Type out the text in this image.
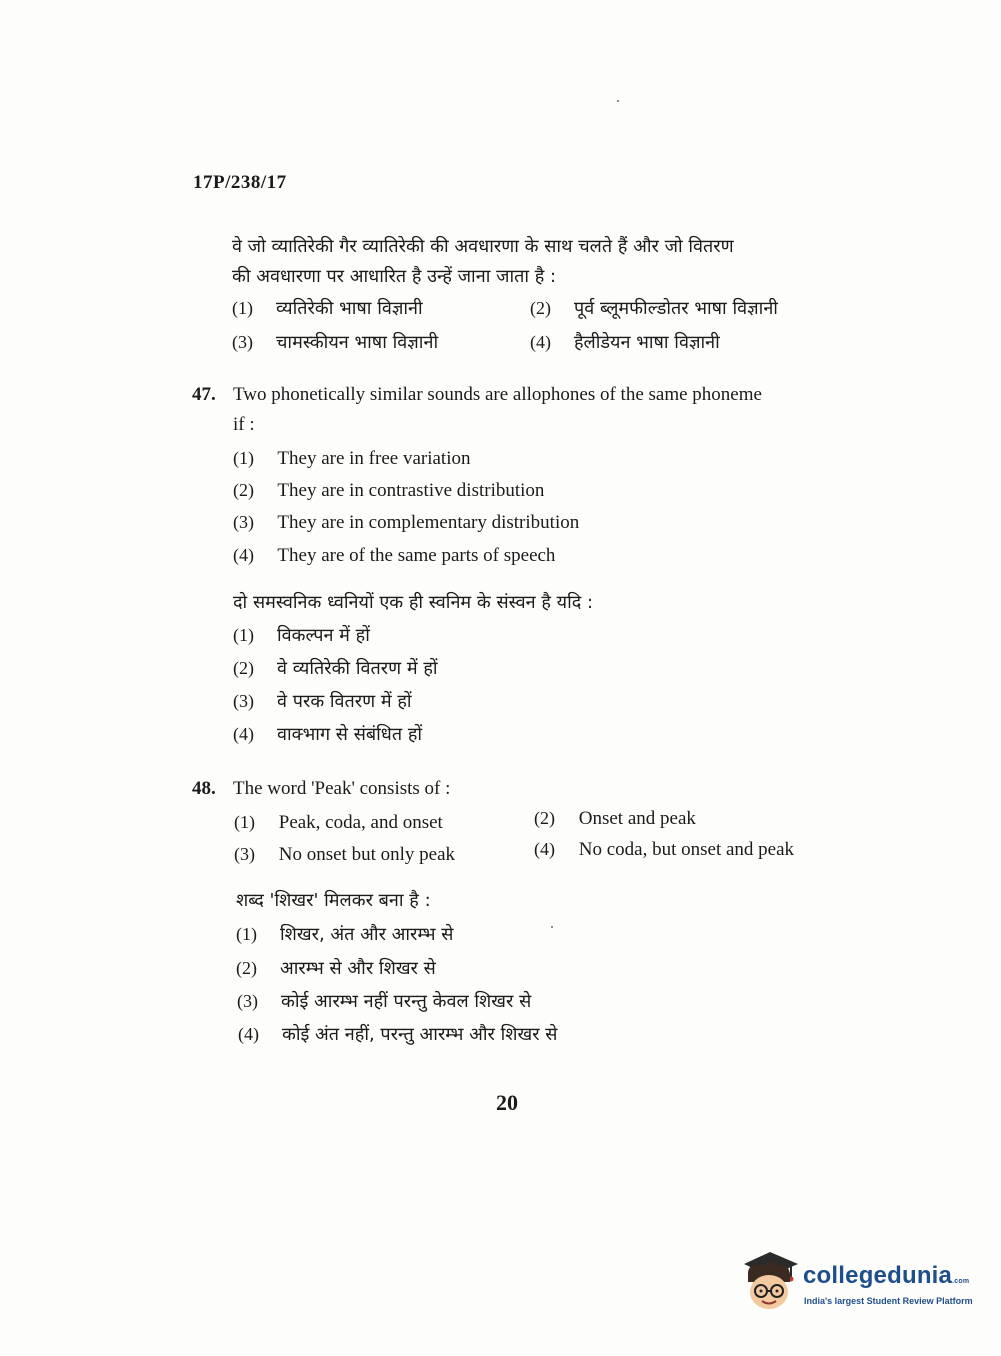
17P/238/17
वे जो व्यातिरेकी गैर व्यातिरेकी की अवधारणा के साथ चलते हैं और जो वितरण
की अवधारणा पर आधारित है उन्हें जाना जाता है :
(1) व्यतिरेकी भाषा विज्ञानी	(2) पूर्व ब्लूमफील्डोतर भाषा विज्ञानी
(3) चामस्कीयन भाषा विज्ञानी	(4) हैलीडेयन भाषा विज्ञानी
47. Two phonetically similar sounds are allophones of the same phoneme
if :
(1) They are in free variation
(2) They are in contrastive distribution
(3) They are in complementary distribution
(4) They are of the same parts of speech
दो समस्वनिक ध्वनियों एक ही स्वनिम के संस्वन है यदि :
(1) विकल्पन में हों
(2) वे व्यतिरेकी वितरण में हों
(3) वे परक वितरण में हों
(4) वाक्भाग से संबंधित हों
48. The word 'Peak' consists of :
(1) Peak, coda, and onset	(2) Onset and peak
(3) No onset but only peak	(4) No coda, but onset and peak
शब्द 'शिखर' मिलकर बना है :
(1) शिखर, अंत और आरम्भ से
(2) आरम्भ से और शिखर से
(3) कोई आरम्भ नहीं परन्तु केवल शिखर से
(4) कोई अंत नहीं, परन्तु आरम्भ और शिखर से
20
collegedunia.com
India's largest Student Review Platform
